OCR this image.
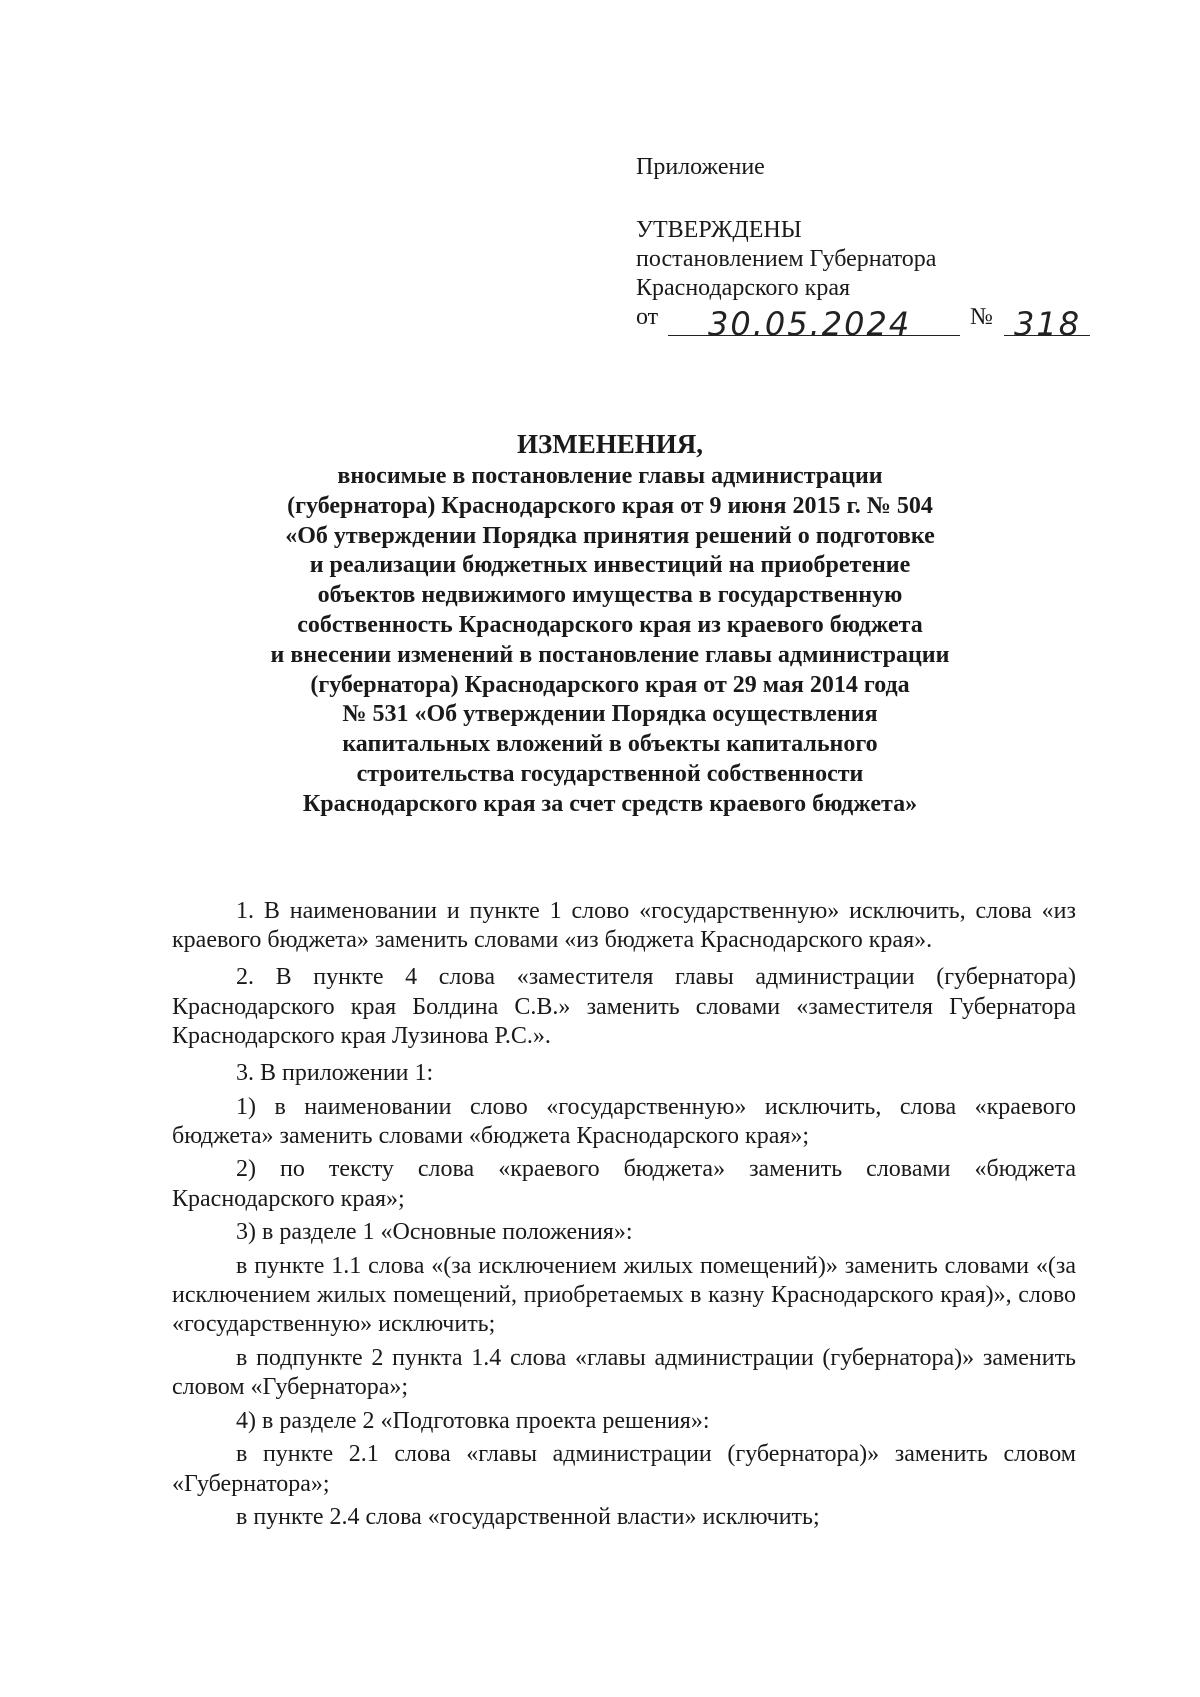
Приложение
УТВЕРЖДЕНЫ
постановлением Губернатора
Краснодарского края
от 30.05.2024 № 318
ИЗМЕНЕНИЯ,
вносимые в постановление главы администрации
(губернатора) Краснодарского края от 9 июня 2015 г. № 504
«Об утверждении Порядка принятия решений о подготовке
и реализации бюджетных инвестиций на приобретение
объектов недвижимого имущества в государственную
собственность Краснодарского края из краевого бюджета
и внесении изменений в постановление главы администрации
(губернатора) Краснодарского края от 29 мая 2014 года
№ 531 «Об утверждении Порядка осуществления
капитальных вложений в объекты капитального
строительства государственной собственности
Краснодарского края за счет средств краевого бюджета»

1. В наименовании и пункте 1 слово «государственную» исключить, слова «из краевого бюджета» заменить словами «из бюджета Краснодарского края».

2. В пункте 4 слова «заместителя главы администрации (губернатора) Краснодарского края Болдина С.В.» заменить словами «заместителя Губернатора Краснодарского края Лузинова Р.С.».

3. В приложении 1:

1) в наименовании слово «государственную» исключить, слова «краевого бюджета» заменить словами «бюджета Краснодарского края»;

2) по тексту слова «краевого бюджета» заменить словами «бюджета Краснодарского края»;

3) в разделе 1 «Основные положения»:

в пункте 1.1 слова «(за исключением жилых помещений)» заменить словами «(за исключением жилых помещений, приобретаемых в казну Краснодарского края)», слово «государственную» исключить;

в подпункте 2 пункта 1.4 слова «главы администрации (губернатора)» заменить словом «Губернатора»;

4) в разделе 2 «Подготовка проекта решения»:

в пункте 2.1 слова «главы администрации (губернатора)» заменить словом «Губернатора»;

в пункте 2.4 слова «государственной власти» исключить;
